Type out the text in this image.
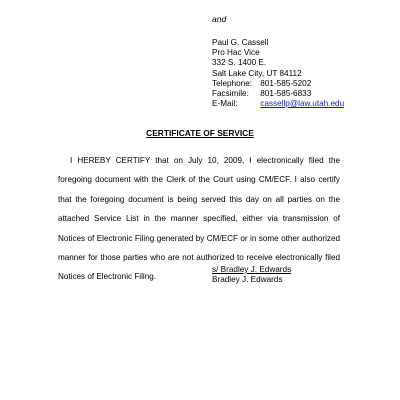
and
Paul G. Cassell
Pro Hac Vice
332 S. 1400 E.
Salt Lake City, UT 84112
Telephone: 801-585-5202
Facsimile: 801-585-6833
E-Mail:	cassellp@law.utah.edu
CERTIFICATE OF SERVICE

I HEREBY CERTIFY that on July 10, 2009, I electronically filed the foregoing document with the Clerk of the Court using CM/ECF. I also certify that the foregoing document is being served this day on all parties on the attached Service List in the manner specified, either via transmission of Notices of Electronic Filing generated by CM/ECF or in some other authorized manner for those parties who are not authorized to receive electronically filed Notices of Electronic Filing.

s/ Bradley J. Edwards
Bradley J. Edwards
